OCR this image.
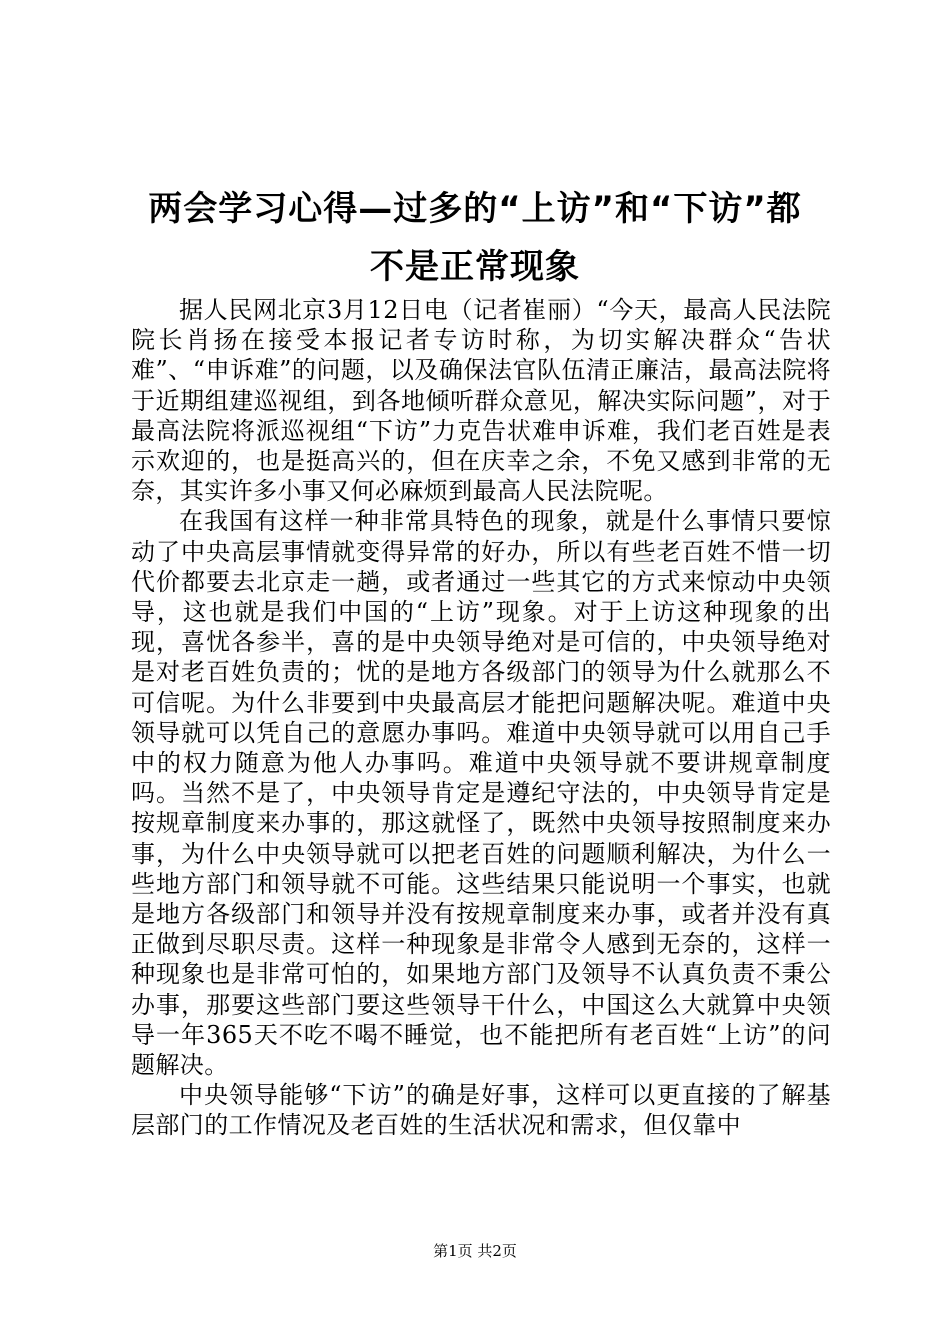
两会学习心得—过多的“上访”和“下访”都
不是正常现象

据人民网北京3月12日电（记者崔丽）“今天，最高人民法院院长肖扬在接受本报记者专访时称，为切实解决群众“告状难”、“申诉难”的问题，以及确保法官队伍清正廉洁，最高法院将于近期组建巡视组，到各地倾听群众意见，解决实际问题”，对于最高法院将派巡视组“下访”力克告状难申诉难，我们老百姓是表示欢迎的，也是挺高兴的，但在庆幸之余，不免又感到非常的无奈，其实许多小事又何必麻烦到最高人民法院呢。

在我国有这样一种非常具特色的现象，就是什么事情只要惊动了中央高层事情就变得异常的好办，所以有些老百姓不惜一切代价都要去北京走一趟，或者通过一些其它的方式来惊动中央领导，这也就是我们中国的“上访”现象。对于上访这种现象的出现，喜忧各参半，喜的是中央领导绝对是可信的，中央领导绝对是对老百姓负责的；忧的是地方各级部门的领导为什么就那么不可信呢。为什么非要到中央最高层才能把问题解决呢。难道中央领导就可以凭自己的意愿办事吗。难道中央领导就可以用自己手中的权力随意为他人办事吗。难道中央领导就不要讲规章制度吗。当然不是了，中央领导肯定是遵纪守法的，中央领导肯定是按规章制度来办事的，那这就怪了，既然中央领导按照制度来办事，为什么中央领导就可以把老百姓的问题顺利解决，为什么一些地方部门和领导就不可能。这些结果只能说明一个事实，也就是地方各级部门和领导并没有按规章制度来办事，或者并没有真正做到尽职尽责。这样一种现象是非常令人感到无奈的，这样一种现象也是非常可怕的，如果地方部门及领导不认真负责不秉公办事，那要这些部门要这些领导干什么，中国这么大就算中央领导一年365天不吃不喝不睡觉，也不能把所有老百姓“上访”的问题解决。

中央领导能够“下访”的确是好事，这样可以更直接的了解基层部门的工作情况及老百姓的生活状况和需求，但仅靠中

第1页 共2页
